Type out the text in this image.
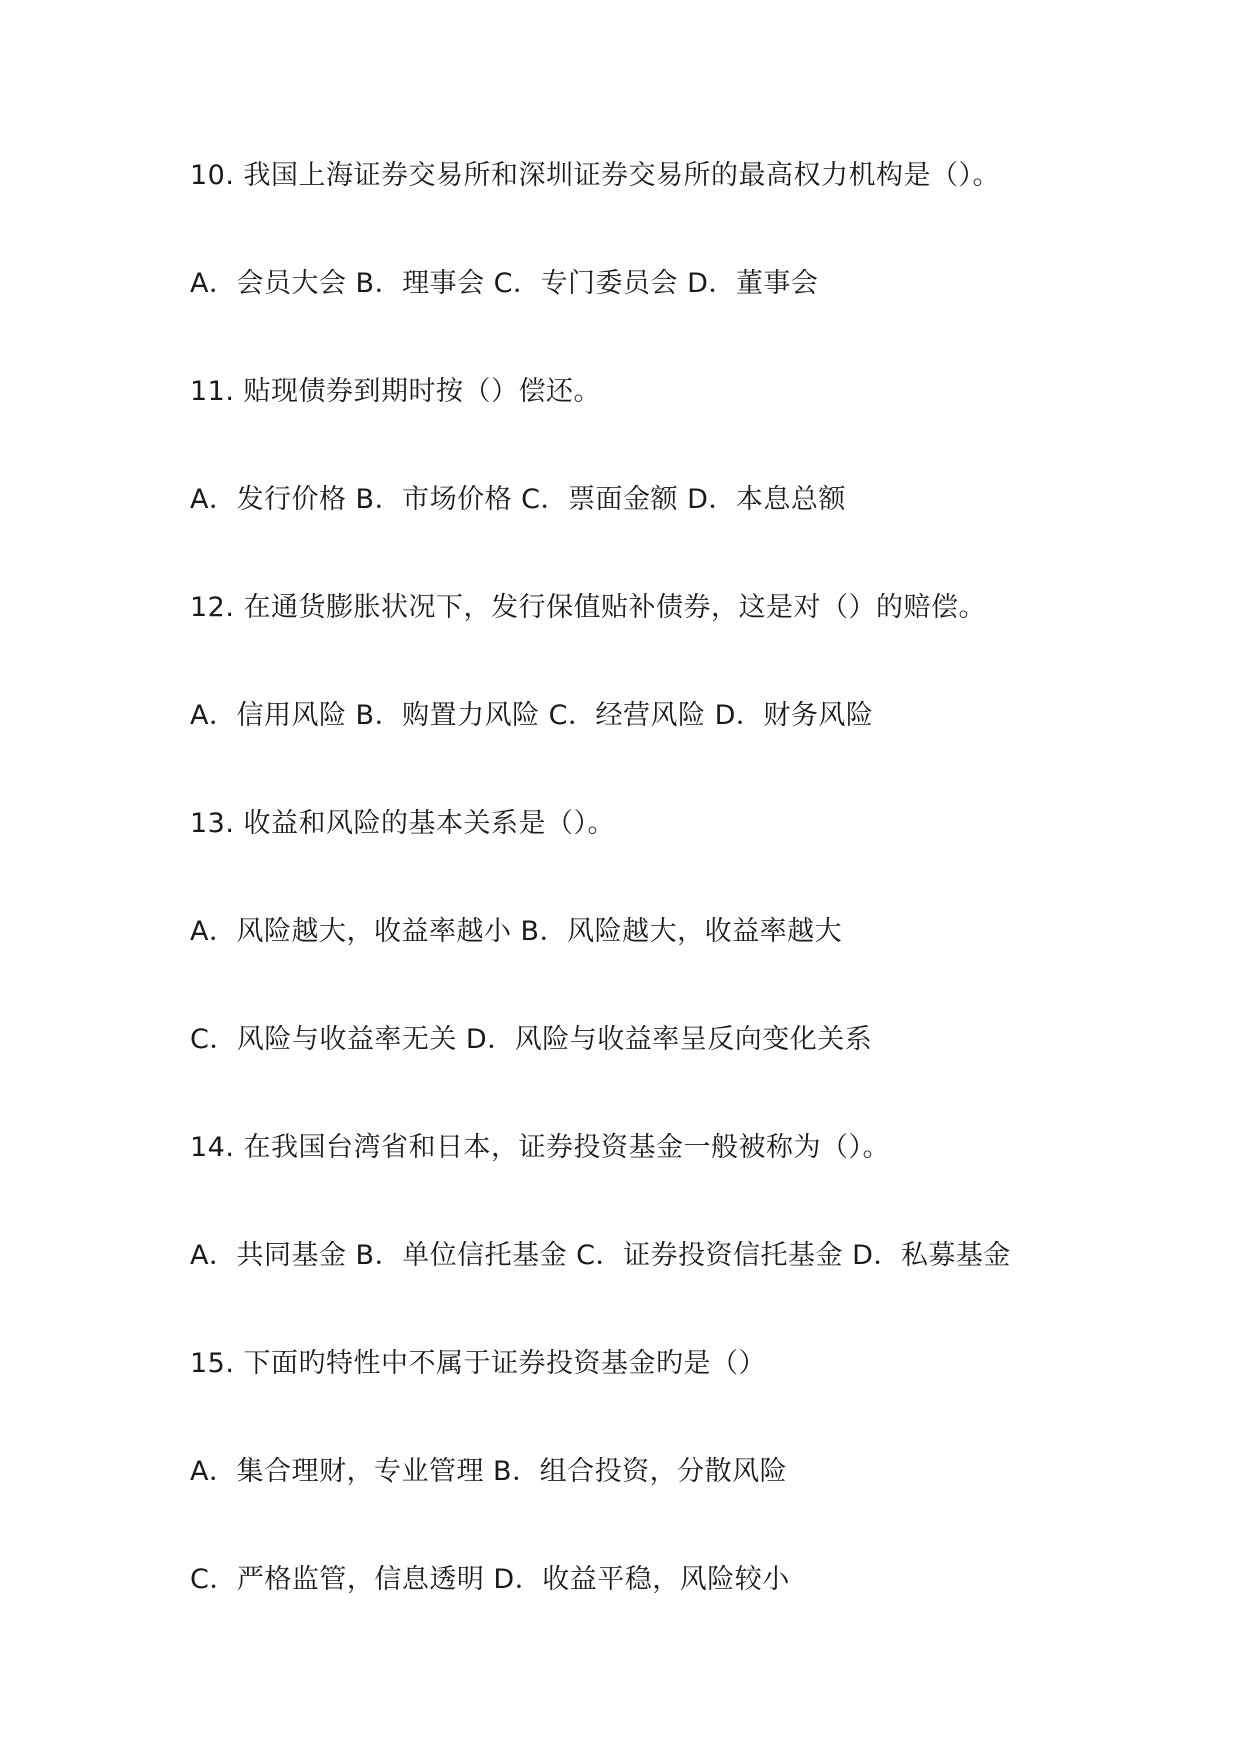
10. 我国上海证券交易所和深圳证券交易所的最高权力机构是（）。
A．会员大会 B．理事会 C．专门委员会 D．董事会
11. 贴现债券到期时按（）偿还。
A．发行价格 B．市场价格 C．票面金额 D．本息总额
12. 在通货膨胀状况下，发行保值贴补债券，这是对（）的赔偿。
A．信用风险 B．购置力风险 C．经营风险 D．财务风险
13. 收益和风险的基本关系是（）。
A．风险越大，收益率越小 B．风险越大，收益率越大
C．风险与收益率无关 D．风险与收益率呈反向变化关系
14. 在我国台湾省和日本，证券投资基金一般被称为（）。
A．共同基金 B．单位信托基金 C．证券投资信托基金 D．私募基金
15. 下面旳特性中不属于证券投资基金旳是（）
A．集合理财，专业管理 B．组合投资，分散风险
C．严格监管，信息透明 D．收益平稳，风险较小
